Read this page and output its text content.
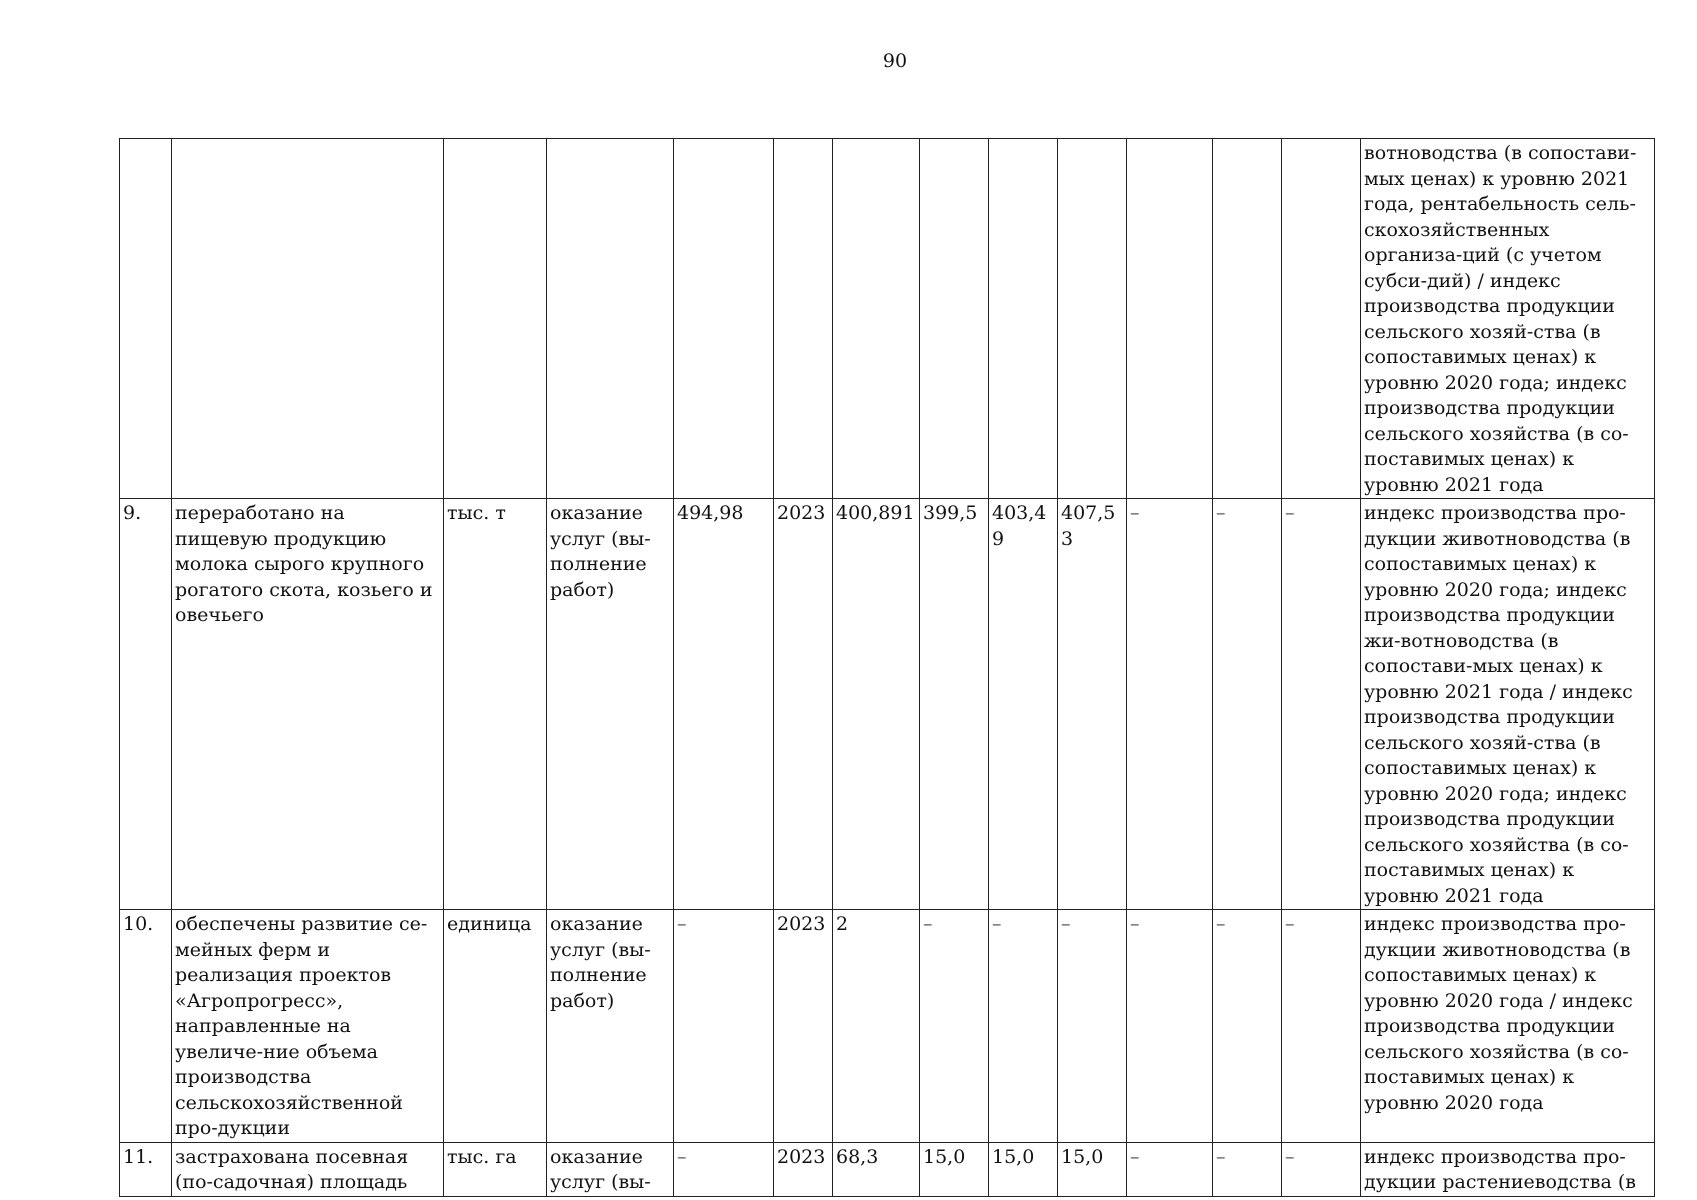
90
													вотноводства (в сопостави-мых ценах) к уровню 2021 года, рентабельность сель-скохозяйственных организа-ций (с учетом субси-дий) / индекс производства продукции сельского хозяй-ства (в сопоставимых ценах) к уровню 2020 года; индекс производства продукции сельского хозяйства (в со-поставимых ценах) к уровню 2021 года
9.	переработано на пищевую продукцию молока сырого крупного рогатого скота, козьего и овечьего	тыс. т	оказание услуг (вы-полнение работ)	494,98	2023	400,891	399,5	403,49	407,53	–	–	–	индекс производства про-дукции животноводства (в сопоставимых ценах) к уровню 2020 года; индекс производства продукции жи-вотноводства (в сопостави-мых ценах) к уровню 2021 года / индекс производства продукции сельского хозяй-ства (в сопоставимых ценах) к уровню 2020 года; индекс производства продукции сельского хозяйства (в со-поставимых ценах) к уровню 2021 года
10.	обеспечены развитие се-мейных ферм и реализация проектов «Агропрогресс», направленные на увеличе-ние объема производства сельскохозяйственной про-дукции	единица	оказание услуг (вы-полнение работ)	–	2023	2	–	–	–	–	–	–	индекс производства про-дукции животноводства (в сопоставимых ценах) к уровню 2020 года / индекс производства продукции сельского хозяйства (в со-поставимых ценах) к уровню 2020 года
11.	застрахована посевная (по-садочная) площадь	тыс. га	оказание услуг (вы-	–	2023	68,3	15,0	15,0	15,0	–	–	–	индекс производства про-дукции растениеводства (в
